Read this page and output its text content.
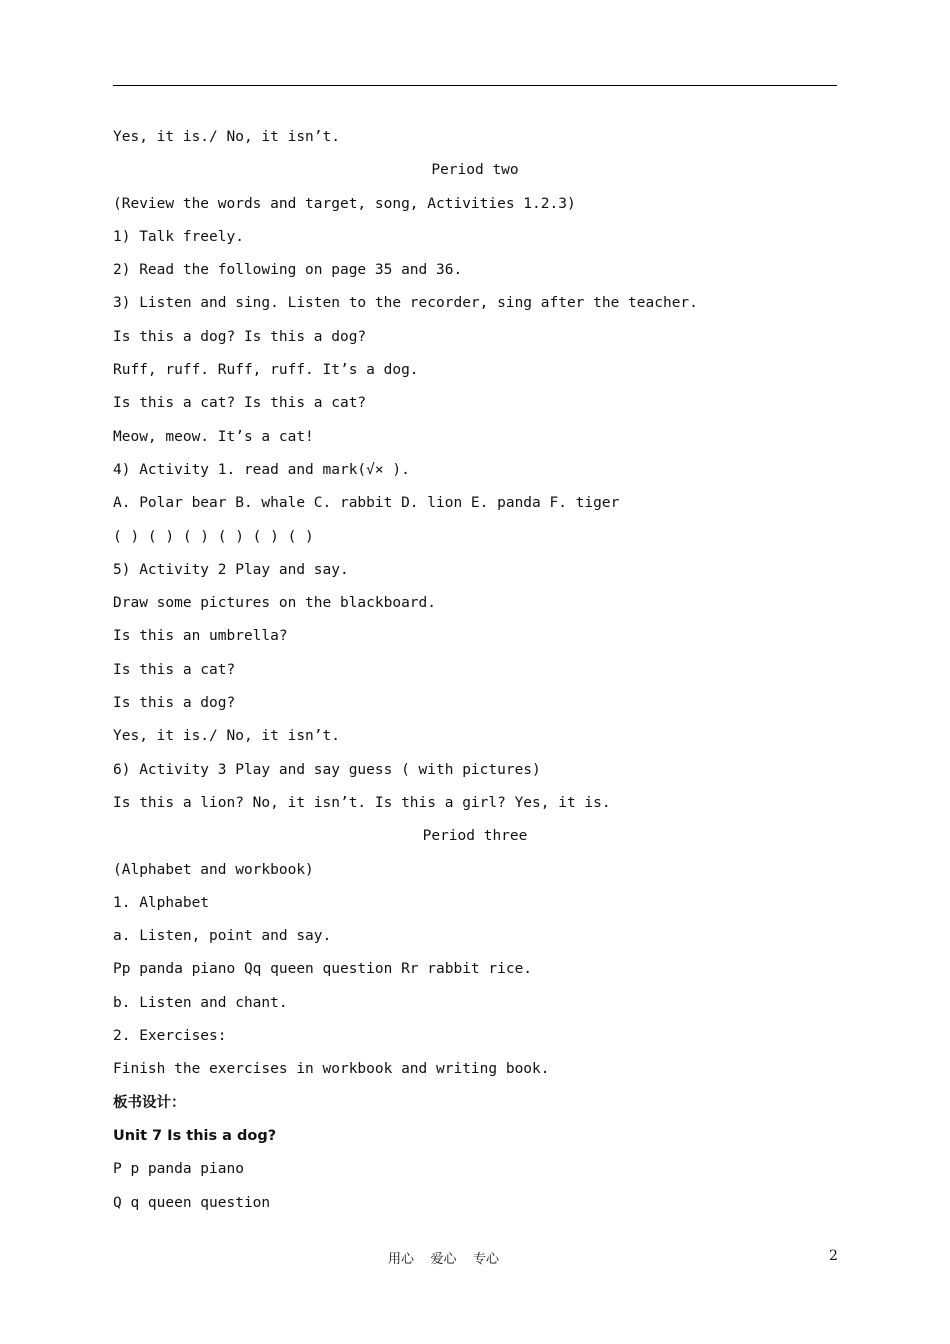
Yes, it is./ No, it isn’t.
Period two
(Review the words and target, song, Activities 1.2.3)
1) Talk freely.
2) Read the following on page 35 and 36.
3) Listen and sing. Listen to the recorder, sing after the teacher.
Is this a dog? Is this a dog?
Ruff, ruff. Ruff, ruff. It’s a dog.
Is this a cat? Is this a cat?
Meow, meow. It’s a cat!
4) Activity 1. read and mark(√× ).
A. Polar bear B. whale C. rabbit D. lion E. panda F. tiger
( ) ( ) ( ) ( ) ( ) ( )
5) Activity 2 Play and say.
Draw some pictures on the blackboard.
Is this an umbrella?
Is this a cat?
Is this a dog?
Yes, it is./ No, it isn’t.
6) Activity 3 Play and say guess ( with pictures)
Is this a lion? No, it isn’t. Is this a girl? Yes, it is.
Period three
(Alphabet and workbook)
1. Alphabet
a. Listen, point and say.
Pp panda piano Qq queen question Rr rabbit rice.
b. Listen and chant.
2. Exercises:
Finish the exercises in workbook and writing book.
板书设计：
Unit 7 Is this a dog?
P p panda piano
Q q queen question
用心    爱心    专心	2
